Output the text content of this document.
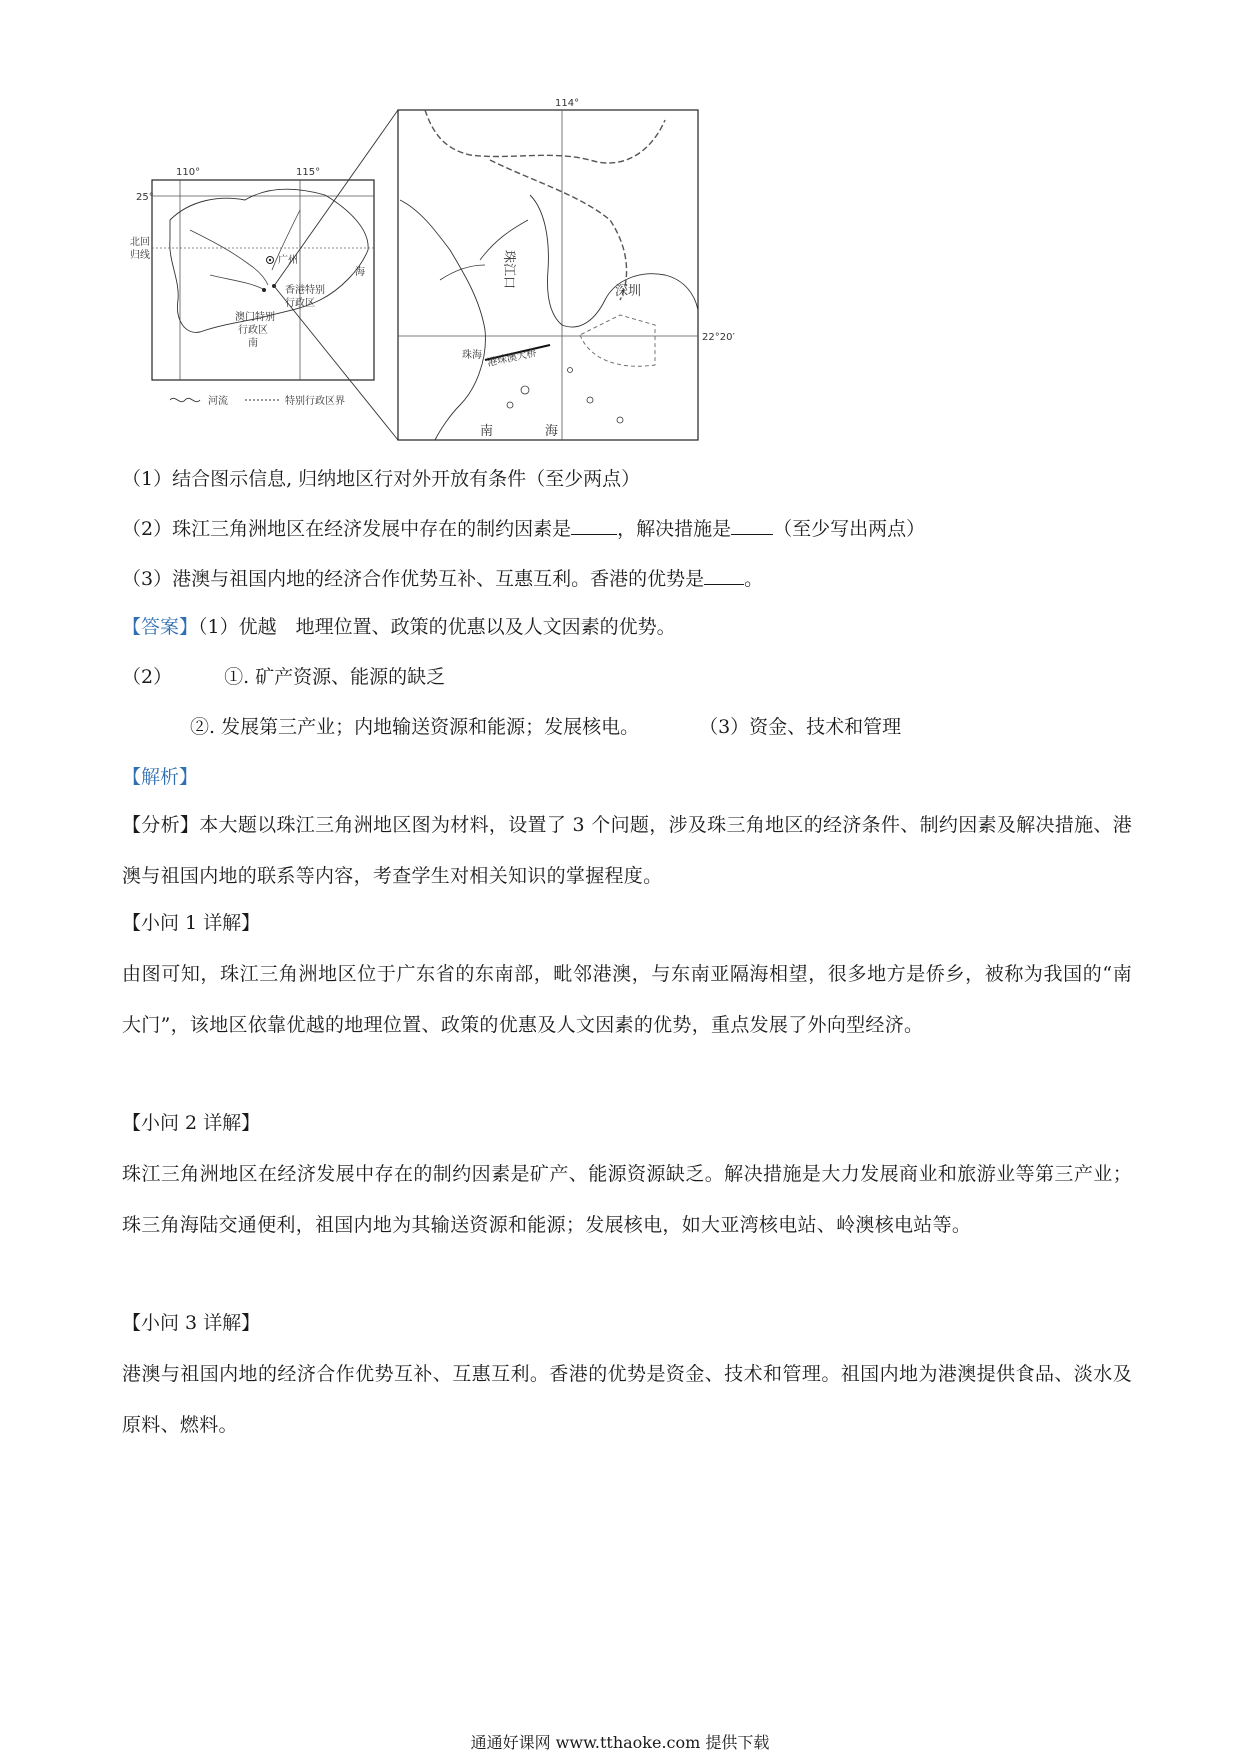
110°	115°
25°
北回
归线	广州
海
香港特别
行政区
澳门特别
行政区
南
河流	特别行政区界
114°
22°20′
珠江口
深圳
珠海 港珠澳大桥
南	海
（1）结合图示信息, 归纳地区行对外开放有条件（至少两点）
（2）珠江三角洲地区在经济发展中存在的制约因素是 ，解决措施是 （至少写出两点）
（3）港澳与祖国内地的经济合作优势互补、互惠互利。香港的优势是 。
【答案】（1）优越　地理位置、政策的优惠以及人文因素的优势。
（2）	①. 矿产资源、能源的缺乏
②. 发展第三产业；内地输送资源和能源；发展核电。	（3）资金、技术和管理
【解析】
【分析】本大题以珠江三角洲地区图为材料，设置了 3 个问题，涉及珠三角地区的经济条件、制约因素及解决措施、港澳与祖国内地的联系等内容，考查学生对相关知识的掌握程度。
【小问 1 详解】
由图可知，珠江三角洲地区位于广东省的东南部，毗邻港澳，与东南亚隔海相望，很多地方是侨乡，被称为我国的“南大门”，该地区依靠优越的地理位置、政策的优惠及人文因素的优势，重点发展了外向型经济。
【小问 2 详解】
珠江三角洲地区在经济发展中存在的制约因素是矿产、能源资源缺乏。解决措施是大力发展商业和旅游业等第三产业；珠三角海陆交通便利，祖国内地为其输送资源和能源；发展核电，如大亚湾核电站、岭澳核电站等。
【小问 3 详解】
港澳与祖国内地的经济合作优势互补、互惠互利。香港的优势是资金、技术和管理。祖国内地为港澳提供食品、淡水及原料、燃料。
通通好课网 www.tthaoke.com 提供下载
